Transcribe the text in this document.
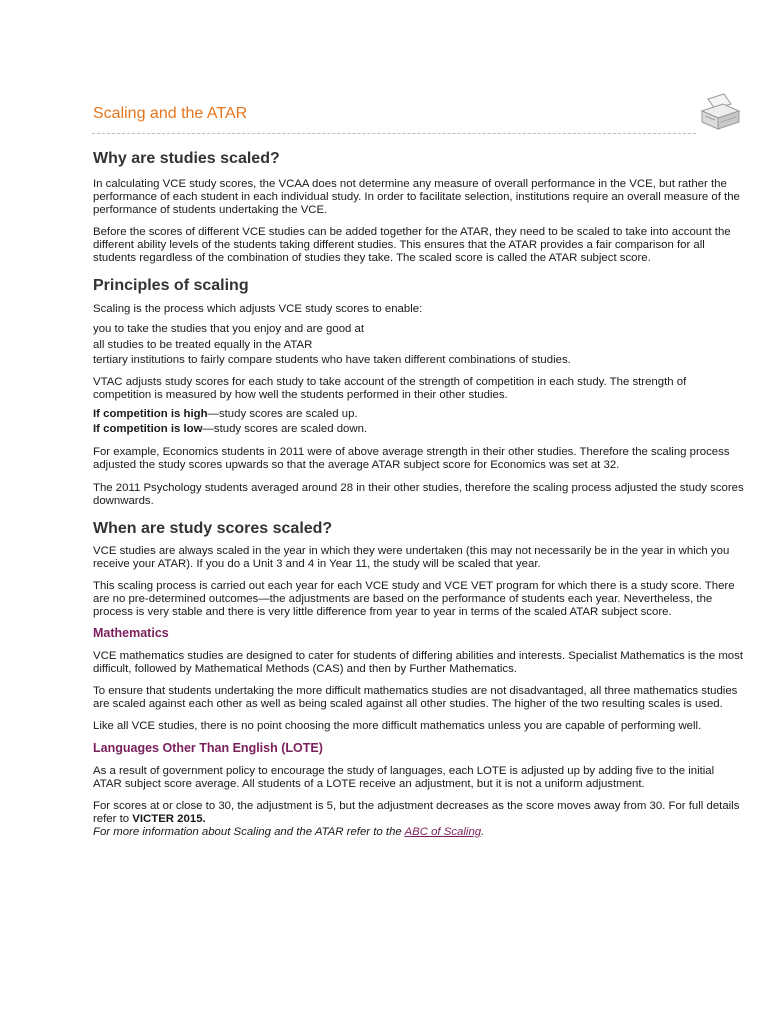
Scaling and the ATAR
Why are studies scaled?

In calculating VCE study scores, the VCAA does not determine any measure of overall performance in the VCE, but rather the performance of each student in each individual study. In order to facilitate selection, institutions require an overall measure of the performance of students undertaking the VCE.

Before the scores of different VCE studies can be added together for the ATAR, they need to be scaled to take into account the different ability levels of the students taking different studies. This ensures that the ATAR provides a fair comparison for all students regardless of the combination of studies they take. The scaled score is called the ATAR subject score.

Principles of scaling

Scaling is the process which adjusts VCE study scores to enable:

you to take the studies that you enjoy and are good at
all studies to be treated equally in the ATAR
tertiary institutions to fairly compare students who have taken different combinations of studies.

VTAC adjusts study scores for each study to take account of the strength of competition in each study. The strength of competition is measured by how well the students performed in their other studies.

If competition is high—study scores are scaled up.
If competition is low—study scores are scaled down.

For example, Economics students in 2011 were of above average strength in their other studies. Therefore the scaling process adjusted the study scores upwards so that the average ATAR subject score for Economics was set at 32.

The 2011 Psychology students averaged around 28 in their other studies, therefore the scaling process adjusted the study scores downwards.

When are study scores scaled?

VCE studies are always scaled in the year in which they were undertaken (this may not necessarily be in the year in which you receive your ATAR). If you do a Unit 3 and 4 in Year 11, the study will be scaled that year.

This scaling process is carried out each year for each VCE study and VCE VET program for which there is a study score. There are no pre-determined outcomes—the adjustments are based on the performance of students each year. Nevertheless, the process is very stable and there is very little difference from year to year in terms of the scaled ATAR subject score.

Mathematics

VCE mathematics studies are designed to cater for students of differing abilities and interests. Specialist Mathematics is the most difficult, followed by Mathematical Methods (CAS) and then by Further Mathematics.

To ensure that students undertaking the more difficult mathematics studies are not disadvantaged, all three mathematics studies are scaled against each other as well as being scaled against all other studies. The higher of the two resulting scales is used.

Like all VCE studies, there is no point choosing the more difficult mathematics unless you are capable of performing well.

Languages Other Than English (LOTE)

As a result of government policy to encourage the study of languages, each LOTE is adjusted up by adding five to the initial ATAR subject score average. All students of a LOTE receive an adjustment, but it is not a uniform adjustment.

For scores at or close to 30, the adjustment is 5, but the adjustment decreases as the score moves away from 30. For full details refer to VICTER 2015.

For more information about Scaling and the ATAR refer to the ABC of Scaling.
